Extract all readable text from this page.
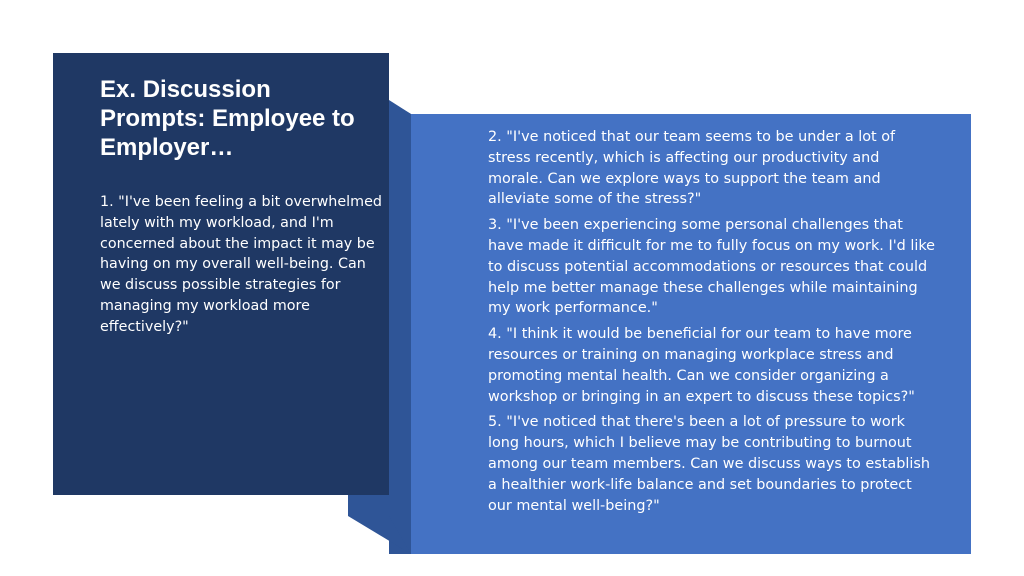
Ex. Discussion Prompts: Employee to Employer…
1. "I've been feeling a bit overwhelmed lately with my workload, and I'm concerned about the impact it may be having on my overall well-being. Can we discuss possible strategies for managing my workload more effectively?"

2. "I've noticed that our team seems to be under a lot of stress recently, which is affecting our productivity and morale. Can we explore ways to support the team and alleviate some of the stress?"

3. "I've been experiencing some personal challenges that have made it difficult for me to fully focus on my work. I'd like to discuss potential accommodations or resources that could help me better manage these challenges while maintaining my work performance."

4. "I think it would be beneficial for our team to have more resources or training on managing workplace stress and promoting mental health. Can we consider organizing a workshop or bringing in an expert to discuss these topics?"

5. "I've noticed that there's been a lot of pressure to work long hours, which I believe may be contributing to burnout among our team members. Can we discuss ways to establish a healthier work-life balance and set boundaries to protect our mental well-being?"
